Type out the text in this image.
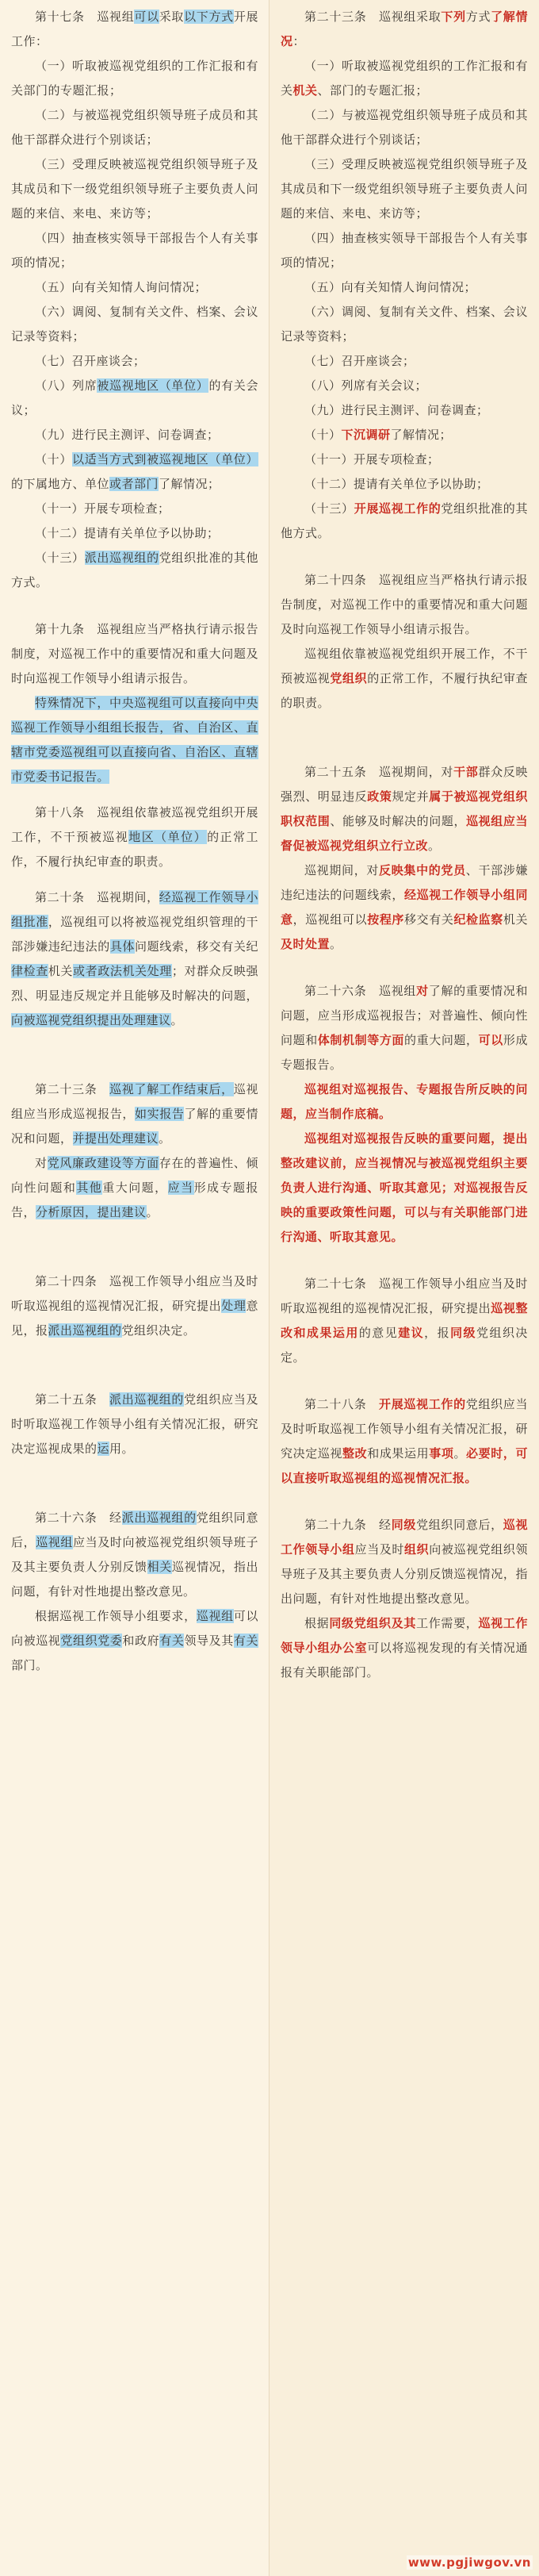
第十七条　巡视组可以采取以下方式开展工作：

（一）听取被巡视党组织的工作汇报和有关部门的专题汇报；

（二）与被巡视党组织领导班子成员和其他干部群众进行个别谈话；

（三）受理反映被巡视党组织领导班子及其成员和下一级党组织领导班子主要负责人问题的来信、来电、来访等；

（四）抽查核实领导干部报告个人有关事项的情况；

（五）向有关知情人询问情况；

（六）调阅、复制有关文件、档案、会议记录等资料；

（七）召开座谈会；

（八）列席被巡视地区（单位）的有关会议；

（九）进行民主测评、问卷调查；

（十）以适当方式到被巡视地区（单位）的下属地方、单位或者部门了解情况；

（十一）开展专项检查；

（十二）提请有关单位予以协助；

（十三）派出巡视组的党组织批准的其他方式。

第十九条　巡视组应当严格执行请示报告制度，对巡视工作中的重要情况和重大问题及时向巡视工作领导小组请示报告。

特殊情况下，中央巡视组可以直接向中央巡视工作领导小组组长报告，省、自治区、直辖市党委巡视组可以直接向省、自治区、直辖市党委书记报告。

第十八条　巡视组依靠被巡视党组织开展工作，不干预被巡视地区（单位）的正常工作，不履行执纪审查的职责。

第二十条　巡视期间，经巡视工作领导小组批准，巡视组可以将被巡视党组织管理的干部涉嫌违纪违法的具体问题线索，移交有关纪律检查机关或者政法机关处理；对群众反映强烈、明显违反规定并且能够及时解决的问题，向被巡视党组织提出处理建议。

第二十三条　巡视了解工作结束后，巡视组应当形成巡视报告，如实报告了解的重要情况和问题，并提出处理建议。

对党风廉政建设等方面存在的普遍性、倾向性问题和其他重大问题，应当形成专题报告，分析原因，提出建议。

第二十四条　巡视工作领导小组应当及时听取巡视组的巡视情况汇报，研究提出处理意见，报派出巡视组的党组织决定。

第二十五条　派出巡视组的党组织应当及时听取巡视工作领导小组有关情况汇报，研究决定巡视成果的运用。

第二十六条　经派出巡视组的党组织同意后，巡视组应当及时向被巡视党组织领导班子及其主要负责人分别反馈相关巡视情况，指出问题，有针对性地提出整改意见。

根据巡视工作领导小组要求，巡视组可以向被巡视党组织党委和政府有关领导及其有关部门。

第二十三条　巡视组采取下列方式了解情况：

（一）听取被巡视党组织的工作汇报和有关机关、部门的专题汇报；

（二）与被巡视党组织领导班子成员和其他干部群众进行个别谈话；

（三）受理反映被巡视党组织领导班子及其成员和下一级党组织领导班子主要负责人问题的来信、来电、来访等；

（四）抽查核实领导干部报告个人有关事项的情况；

（五）向有关知情人询问情况；

（六）调阅、复制有关文件、档案、会议记录等资料；

（七）召开座谈会；

（八）列席有关会议；

（九）进行民主测评、问卷调查；

（十）下沉调研了解情况；

（十一）开展专项检查；

（十二）提请有关单位予以协助；

（十三）开展巡视工作的党组织批准的其他方式。

第二十四条　巡视组应当严格执行请示报告制度，对巡视工作中的重要情况和重大问题及时向巡视工作领导小组请示报告。

巡视组依靠被巡视党组织开展工作，不干预被巡视党组织的正常工作，不履行执纪审查的职责。

第二十五条　巡视期间，对干部群众反映强烈、明显违反政策规定并属于被巡视党组织职权范围、能够及时解决的问题，巡视组应当督促被巡视党组织立行立改。

巡视期间，对反映集中的党员、干部涉嫌违纪违法的问题线索，经巡视工作领导小组同意，巡视组可以按程序移交有关纪检监察机关及时处置。

第二十六条　巡视组对了解的重要情况和问题，应当形成巡视报告；对普遍性、倾向性问题和体制机制等方面的重大问题，可以形成专题报告。

巡视组对巡视报告、专题报告所反映的问题，应当制作底稿。

巡视组对巡视报告反映的重要问题，提出整改建议前，应当视情况与被巡视党组织主要负责人进行沟通、听取其意见；对巡视报告反映的重要政策性问题，可以与有关职能部门进行沟通、听取其意见。

第二十七条　巡视工作领导小组应当及时听取巡视组的巡视情况汇报，研究提出巡视整改和成果运用的意见建议，报同级党组织决定。

第二十八条　开展巡视工作的党组织应当及时听取巡视工作领导小组有关情况汇报，研究决定巡视整改和成果运用事项。必要时，可以直接听取巡视组的巡视情况汇报。

第二十九条　经同级党组织同意后，巡视工作领导小组应当及时组织向被巡视党组织领导班子及其主要负责人分别反馈巡视情况，指出问题，有针对性地提出整改意见。

根据同级党组织及其工作需要，巡视工作领导小组办公室可以将巡视发现的有关情况通报有关职能部门。

www.pgjiwgov.vn
